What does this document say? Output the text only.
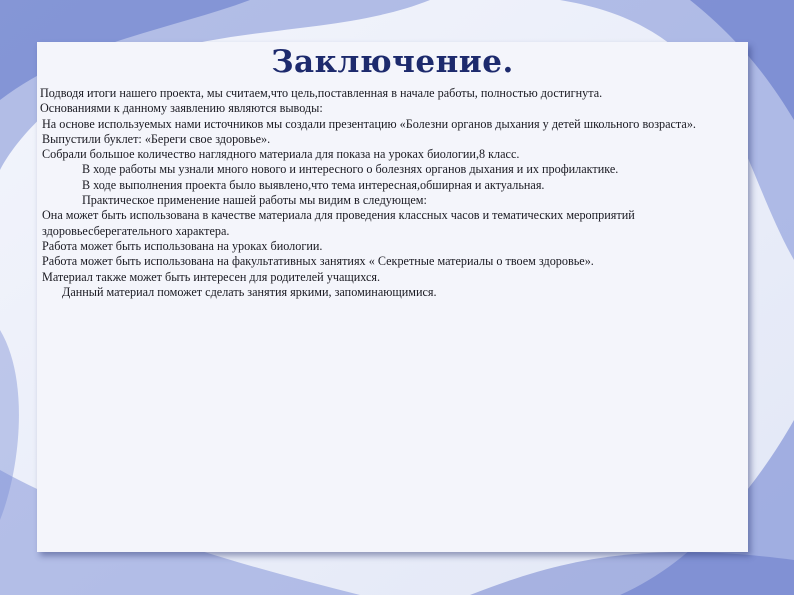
Заключение.

Подводя итоги нашего проекта, мы считаем,что цель,поставленная в начале работы, полностью достигнута.

Основаниями к данному заявлению являются выводы:

На основе используемых нами источников мы создали презентацию «Болезни органов дыхания у детей школьного возраста».

Выпустили буклет: «Береги свое здоровье».

Собрали большое количество наглядного материала для показа на уроках биологии,8 класс.

В ходе работы мы узнали много нового и интересного о болезнях органов дыхания и их профилактике.

В ходе выполнения проекта было выявлено,что тема интересная,обширная и актуальная.

Практическое применение нашей работы мы видим в следующем:

Она может быть использована в качестве материала для проведения классных часов и тематических мероприятий здоровьесберегательного характера.

Работа может быть использована на уроках биологии.

Работа может быть использована на факультативных занятиях « Секретные материалы о твоем здоровье».

Материал также может быть интересен для родителей учащихся.

Данный материал поможет сделать занятия яркими, запоминающимися.
